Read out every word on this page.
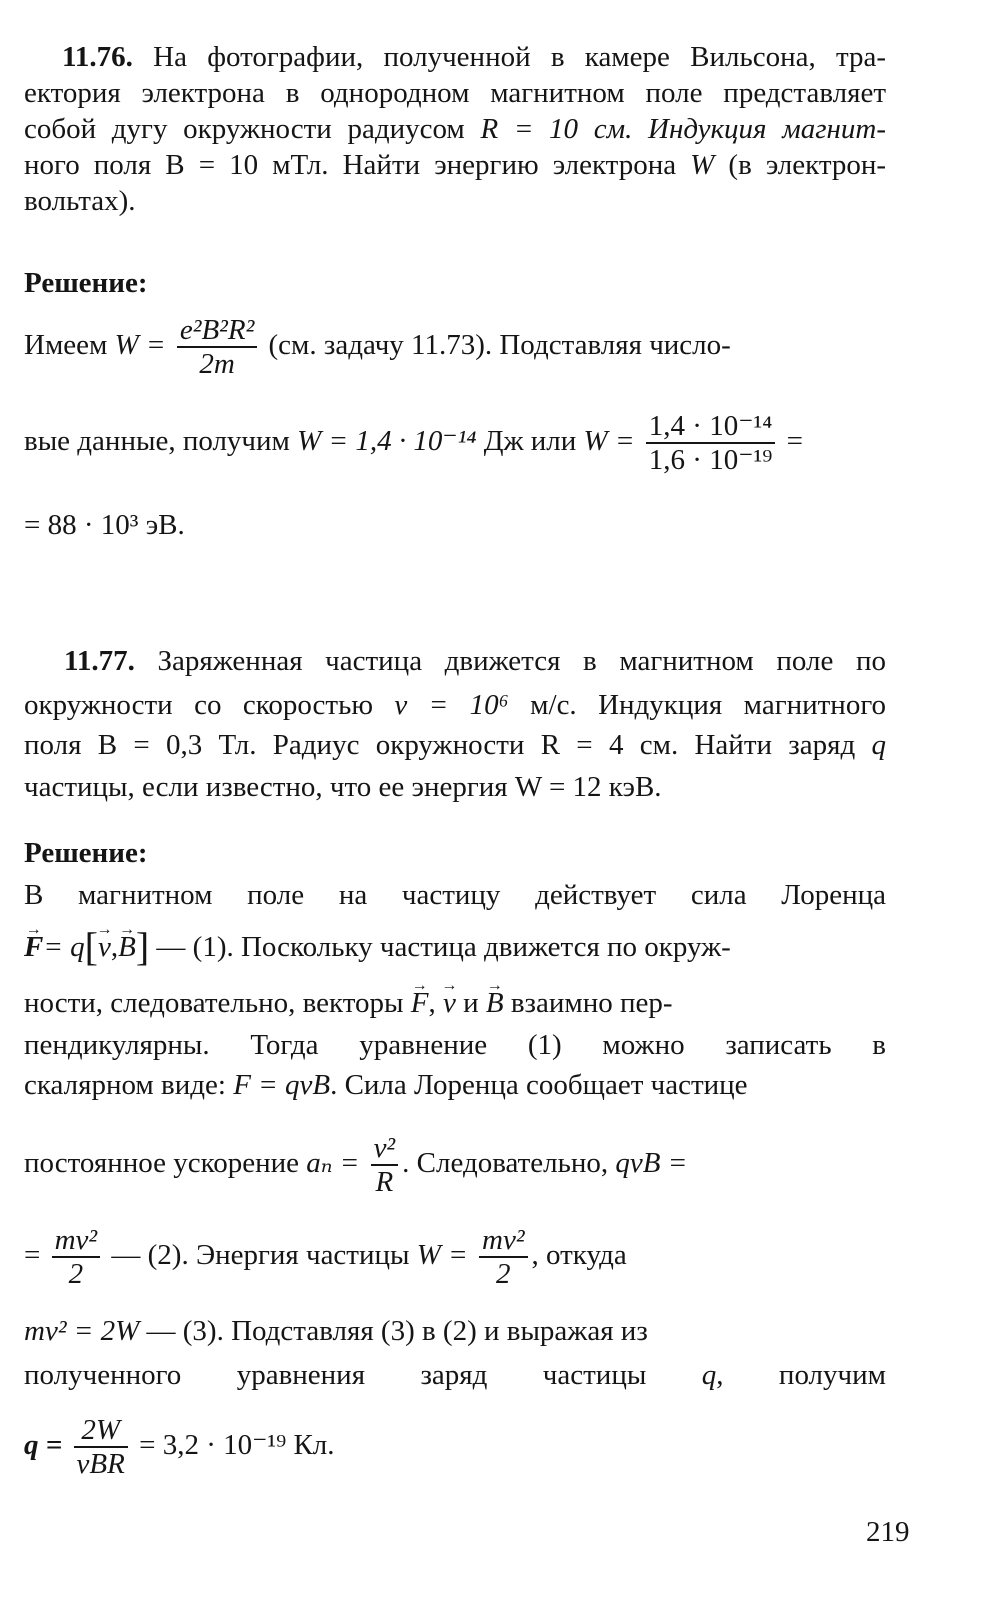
11.76. На фотографии, полученной в камере Вильсона, тра-
ектория электрона в однородном магнитном поле представляет
собой дугу окружности радиусом R = 10 см. Индукция магнит-
ного поля B = 10 мТл. Найти энергию электрона W (в электрон-
вольтах).
Решение:
Имеем $W = \frac{\text{e²B²R²}}{2m} (см$. задачу 11.73). Подставляя число-
вые данные, получим W = 1,4 · 10⁻¹⁴ Дж или $W = \frac{\text{1,4 · 10⁻¹⁴}}{\text{1,6 · 10⁻¹⁹}}$ =
= 88 · 10³ эВ.
11.77. Заряженная частица движется в магнитном поле по
окружности со скоростью v = 10⁶ м/с. Индукция магнитного
поля B = 0,3 Тл. Радиус окружности R = 4 см. Найти заряд q
частицы, если известно, что ее энергия W = 12 кэВ.
Решение:
В магнитном поле на частицу действует сила Лоренца
→ F= q[→ v,→ B] — (1). Поскольку частица движется по окруж-
ности, следовательно, векторы → F, → v и → B взаимно пер-
пендикулярны. Тогда уравнение (1) можно записать в
скалярном виде: F = qvB. Сила Лоренца сообщает частице
постоянное ускорение $a_n = \frac{\text{v²}}{R}$ . Следовательно, qvB =
= $\frac{\text{mv²}}{2}$ — (2). Энергия частицы $W = \frac{\text{mv²}}{2}$ , откуда
mv² = 2W — (3). Подставляя (3) в (2) и выражая из
полученного уравнения заряд частицы q, получим
$q = \frac{2W}{\text{vBR}} = 3,2 \cdot 10^{-19}$ Кл.
219
